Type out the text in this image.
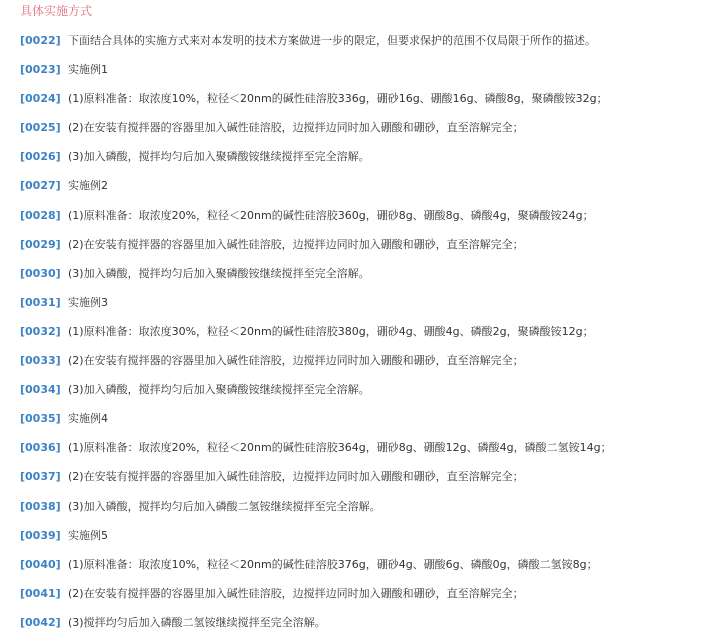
具体实施方式
[0022] 下面结合具体的实施方式来对本发明的技术方案做进一步的限定，但要求保护的范围不仅局限于所作的描述。
[0023] 实施例1
[0024] (1)原料准备：取浓度10%，粒径＜20nm的碱性硅溶胶336g，硼砂16g、硼酸16g、磷酸8g，聚磷酸铵32g；
[0025] (2)在安装有搅拌器的容器里加入碱性硅溶胶，边搅拌边同时加入硼酸和硼砂，直至溶解完全；
[0026] (3)加入磷酸，搅拌均匀后加入聚磷酸铵继续搅拌至完全溶解。
[0027] 实施例2
[0028] (1)原料准备：取浓度20%，粒径＜20nm的碱性硅溶胶360g，硼砂8g、硼酸8g、磷酸4g，聚磷酸铵24g；
[0029] (2)在安装有搅拌器的容器里加入碱性硅溶胶，边搅拌边同时加入硼酸和硼砂，直至溶解完全；
[0030] (3)加入磷酸，搅拌均匀后加入聚磷酸铵继续搅拌至完全溶解。
[0031] 实施例3
[0032] (1)原料准备：取浓度30%，粒径＜20nm的碱性硅溶胶380g，硼砂4g、硼酸4g、磷酸2g，聚磷酸铵12g；
[0033] (2)在安装有搅拌器的容器里加入碱性硅溶胶，边搅拌边同时加入硼酸和硼砂，直至溶解完全；
[0034] (3)加入磷酸，搅拌均匀后加入聚磷酸铵继续搅拌至完全溶解。
[0035] 实施例4
[0036] (1)原料准备：取浓度20%，粒径＜20nm的碱性硅溶胶364g，硼砂8g、硼酸12g、磷酸4g，磷酸二氢铵14g；
[0037] (2)在安装有搅拌器的容器里加入碱性硅溶胶，边搅拌边同时加入硼酸和硼砂，直至溶解完全；
[0038] (3)加入磷酸，搅拌均匀后加入磷酸二氢铵继续搅拌至完全溶解。
[0039] 实施例5
[0040] (1)原料准备：取浓度10%，粒径＜20nm的碱性硅溶胶376g，硼砂4g、硼酸6g、磷酸0g，磷酸二氢铵8g；
[0041] (2)在安装有搅拌器的容器里加入碱性硅溶胶，边搅拌边同时加入硼酸和硼砂，直至溶解完全；
[0042] (3)搅拌均匀后加入磷酸二氢铵继续搅拌至完全溶解。
